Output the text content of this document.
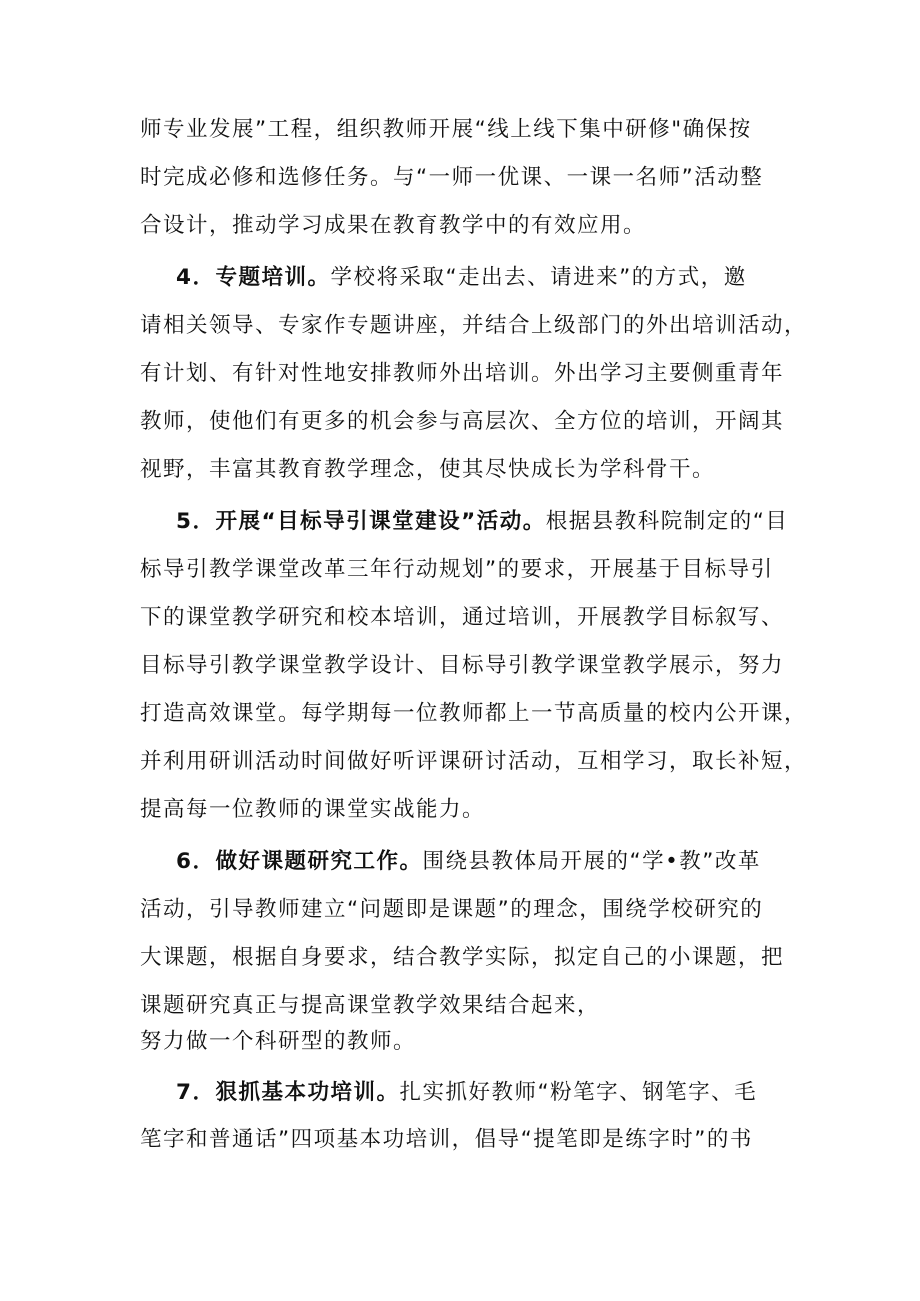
师专业发展”工程，组织教师开展“线上线下集中研修"确保按
时完成必修和选修任务。与“一师一优课、一课一名师”活动整
合设计，推动学习成果在教育教学中的有效应用。
4．专题培训。学校将采取“走出去、请进来”的方式，邀
请相关领导、专家作专题讲座，并结合上级部门的外出培训活动，
有计划、有针对性地安排教师外出培训。外出学习主要侧重青年
教师，使他们有更多的机会参与高层次、全方位的培训，开阔其
视野，丰富其教育教学理念，使其尽快成长为学科骨干。
5．开展“目标导引课堂建设”活动。根据县教科院制定的“目
标导引教学课堂改革三年行动规划”的要求，开展基于目标导引
下的课堂教学研究和校本培训，通过培训，开展教学目标叙写、
目标导引教学课堂教学设计、目标导引教学课堂教学展示，努力
打造高效课堂。每学期每一位教师都上一节高质量的校内公开课，
并利用研训活动时间做好听评课研讨活动，互相学习，取长补短，
提高每一位教师的课堂实战能力。
6．做好课题研究工作。围绕县教体局开展的“学•教”改革
活动，引导教师建立“问题即是课题”的理念，围绕学校研究的
大课题，根据自身要求，结合教学实际，拟定自己的小课题，把
课题研究真正与提高课堂教学效果结合起来，
努力做一个科研型的教师。
7．狠抓基本功培训。扎实抓好教师“粉笔字、钢笔字、毛
笔字和普通话”四项基本功培训，倡导“提笔即是练字时”的书
